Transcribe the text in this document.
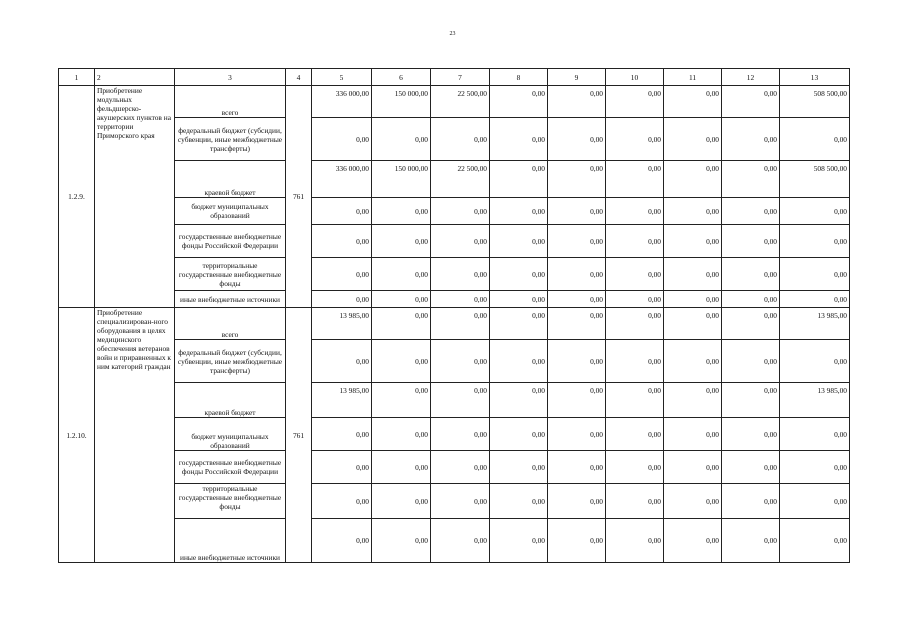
23
1	2	3	4	5	6	7	8	9	10	11	12	13
1.2.9.	Приобретение модульных фельдшерско-акушерских пунктов на территории Приморского края	всего	761	336 000,00	150 000,00	22 500,00	0,00	0,00	0,00	0,00	0,00	508 500,00
		федеральный бюджет (субсидии, субвенции, иные межбюджетные трансферты)		0,00	0,00	0,00	0,00	0,00	0,00	0,00	0,00	0,00
		краевой бюджет		336 000,00	150 000,00	22 500,00	0,00	0,00	0,00	0,00	0,00	508 500,00
		бюджет муниципальных образований		0,00	0,00	0,00	0,00	0,00	0,00	0,00	0,00	0,00
		государственные внебюджетные фонды Российской Федерации		0,00	0,00	0,00	0,00	0,00	0,00	0,00	0,00	0,00
		территориальные государственные внебюджетные фонды		0,00	0,00	0,00	0,00	0,00	0,00	0,00	0,00	0,00
		иные внебюджетные источники		0,00	0,00	0,00	0,00	0,00	0,00	0,00	0,00	0,00
1.2.10.	Приобретение специализирован-ного оборудования в целях медицинского обеспечения ветеранов войн и приравненных к ним категорий граждан	всего	761	13 985,00	0,00	0,00	0,00	0,00	0,00	0,00	0,00	13 985,00
		федеральный бюджет (субсидии, субвенции, иные межбюджетные трансферты)		0,00	0,00	0,00	0,00	0,00	0,00	0,00	0,00	0,00
		краевой бюджет		13 985,00	0,00	0,00	0,00	0,00	0,00	0,00	0,00	13 985,00
		бюджет муниципальных образований		0,00	0,00	0,00	0,00	0,00	0,00	0,00	0,00	0,00
		государственные внебюджетные фонды Российской Федерации		0,00	0,00	0,00	0,00	0,00	0,00	0,00	0,00	0,00
		территориальные государственные внебюджетные фонды		0,00	0,00	0,00	0,00	0,00	0,00	0,00	0,00	0,00
		иные внебюджетные источники		0,00	0,00	0,00	0,00	0,00	0,00	0,00	0,00	0,00
